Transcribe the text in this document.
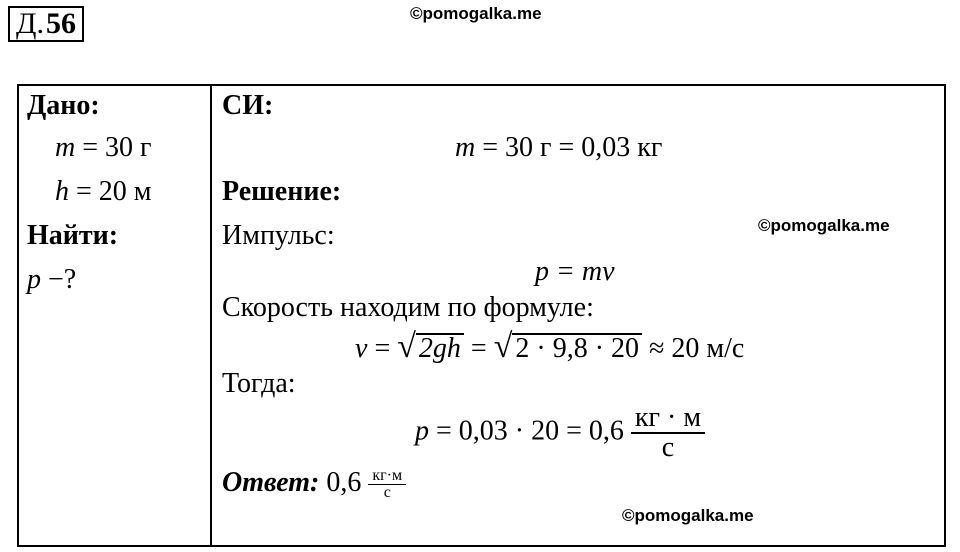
Д. 56	©pomogalka.me
©pomogalka.me
©pomogalka.me
Дано:
m = 30 г
h = 20 м
Найти:
p −?
СИ:
m = 30 г = 0,03 кг
Решение:
Импульс:
p = mv
Скорость находим по формуле:
v = √ 2gh = √ 2 · 9,8 · 20 ≈ 20 м/с
Тогда:
$p = 0,03 \cdot 20 = 0,6 \frac{кг \cdot м}{с}$
Ответ: $0,6 \frac{кг\cdot м}{с}$
